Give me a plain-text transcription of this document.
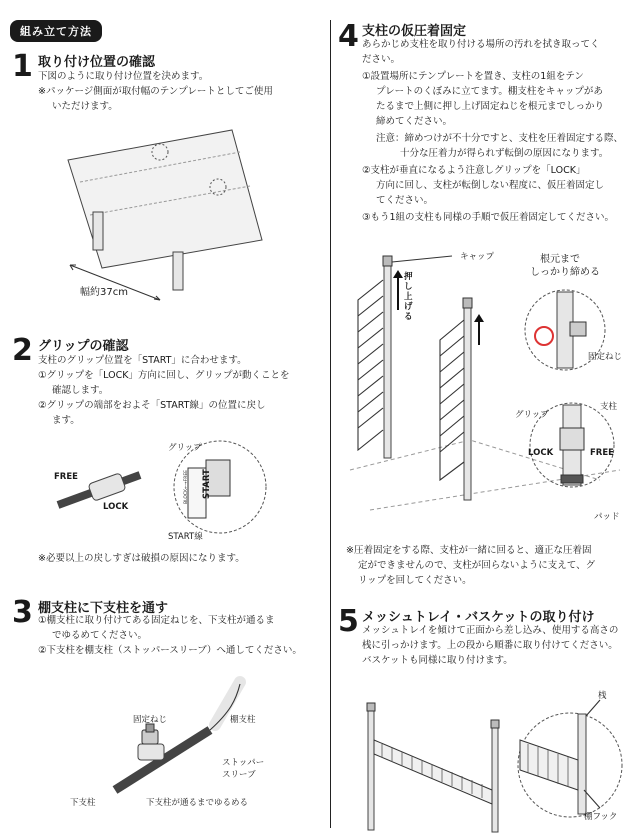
組み立て方法
1 取り付け位置の確認
下図のように取り付け位置を決めます。
※パッケージ側面が取付幅のテンプレートとしてご使用
いただけます。
幅約37cm
2 グリップの確認
支柱のグリップ位置を「START」に合わせます。
①グリップを「LOCK」方向に回し、グリップが動くことを
確認します。
②グリップの端部をおよそ「START線」の位置に戻し
ます。
FREE
LOCK
グリップ
START
BLOCK←→FREE
START線
※必要以上の戻しすぎは破損の原因になります。
3 棚支柱に下支柱を通す
①棚支柱に取り付けてある固定ねじを、下支柱が通るま
でゆるめてください。
②下支柱を棚支柱（ストッパースリーブ）へ通してください。
固定ねじ	棚支柱
ストッパー
スリーブ
下支柱	下支柱が通るまでゆるめる
4 支柱の仮圧着固定
あらかじめ支柱を取り付ける場所の汚れを拭き取ってく
ださい。
①設置場所にテンプレートを置き、支柱の1組をテン
プレートのくぼみに立てます。棚支柱をキャップがあ
たるまで上側に押し上げ固定ねじを根元までしっかり
締めてください。
注意：締めつけが不十分ですと、支柱を圧着固定する際、
十分な圧着力が得られず転倒の原因になります。
②支柱が垂直になるよう注意しグリップを「LOCK」
方向に回し、支柱が転倒しない程度に、仮圧着固定し
てください。
③もう1組の支柱も同様の手順で仮圧着固定してください。
キャップ
押し上げる
根元まで
しっかり締める
固定ねじ
グリップ
支柱
LOCK	FREE
パッド
※圧着固定をする際、支柱が一緒に回ると、適正な圧着固
定ができませんので、支柱が回らないように支えて、グ
リップを回してください。
5 メッシュトレイ・バスケットの取り付け
メッシュトレイを傾けて正面から差し込み、使用する高さの
桟に引っかけます。上の段から順番に取り付けてください。
バスケットも同様に取り付けます。
桟
棚フック
